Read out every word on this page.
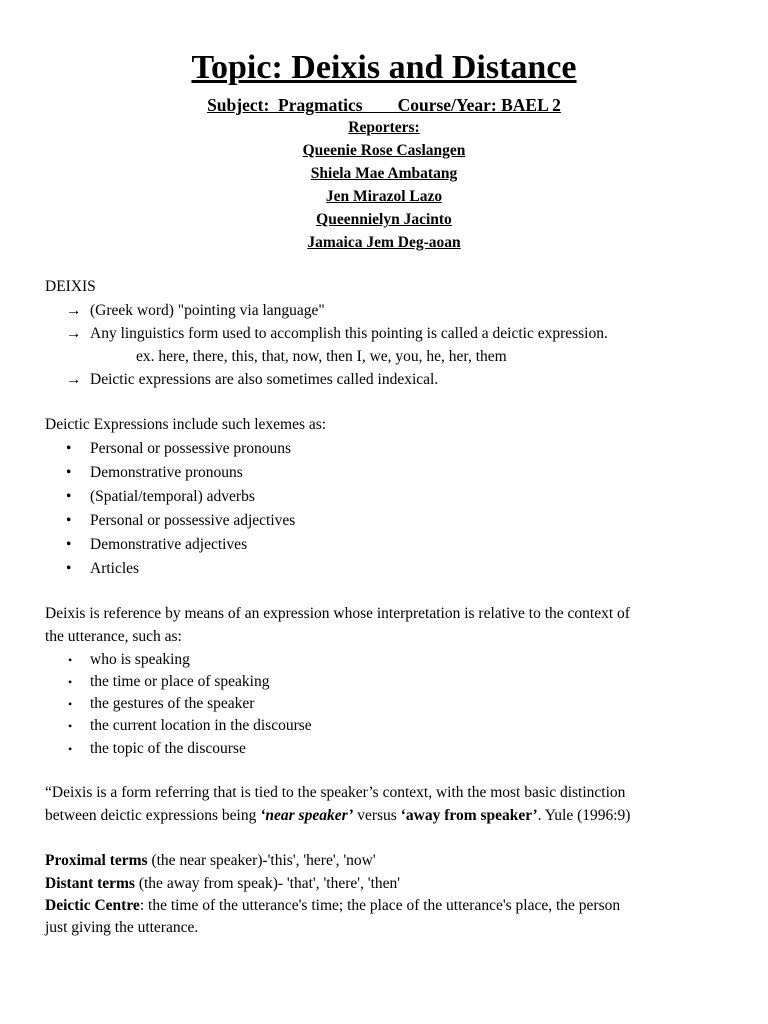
Topic: Deixis and Distance
Subject:  Pragmatics        Course/Year: BAEL 2
Reporters:
Queenie Rose Caslangen
Shiela Mae Ambatang
Jen Mirazol Lazo
Queennielyn Jacinto
Jamaica Jem Deg-aoan
DEIXIS
→ (Greek word) "pointing via language"
→ Any linguistics form used to accomplish this pointing is called a deictic expression.
ex. here, there, this, that, now, then I, we, you, he, her, them
→ Deictic expressions are also sometimes called indexical.
Deictic Expressions include such lexemes as:
• Personal or possessive pronouns
• Demonstrative pronouns
• (Spatial/temporal) adverbs
• Personal or possessive adjectives
• Demonstrative adjectives
• Articles
Deixis is reference by means of an expression whose interpretation is relative to the context of
the utterance, such as:
• who is speaking
• the time or place of speaking
• the gestures of the speaker
• the current location in the discourse
• the topic of the discourse
“Deixis is a form referring that is tied to the speaker’s context, with the most basic distinction
between deictic expressions being ‘near speaker’ versus ‘away from speaker’. Yule (1996:9)
Proximal terms (the near speaker)-'this', 'here', 'now'
Distant terms (the away from speak)- 'that', 'there', 'then'
Deictic Centre: the time of the utterance's time; the place of the utterance's place, the person
just giving the utterance.
